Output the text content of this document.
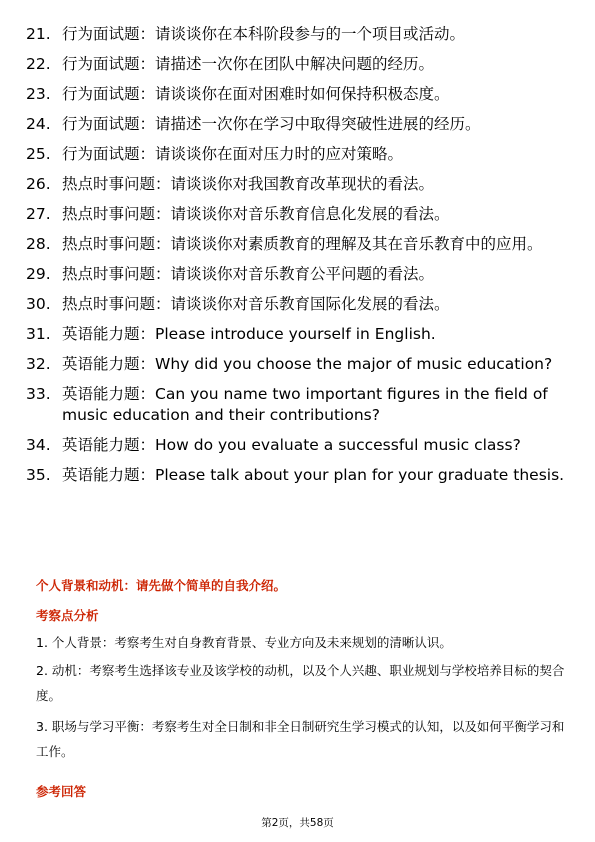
21. 行为面试题：请谈谈你在本科阶段参与的一个项目或活动。
22. 行为面试题：请描述一次你在团队中解决问题的经历。
23. 行为面试题：请谈谈你在面对困难时如何保持积极态度。
24. 行为面试题：请描述一次你在学习中取得突破性进展的经历。
25. 行为面试题：请谈谈你在面对压力时的应对策略。
26. 热点时事问题：请谈谈你对我国教育改革现状的看法。
27. 热点时事问题：请谈谈你对音乐教育信息化发展的看法。
28. 热点时事问题：请谈谈你对素质教育的理解及其在音乐教育中的应用。
29. 热点时事问题：请谈谈你对音乐教育公平问题的看法。
30. 热点时事问题：请谈谈你对音乐教育国际化发展的看法。
31. 英语能力题：Please introduce yourself in English.
32. 英语能力题：Why did you choose the major of music education?
33. 英语能力题：Can you name two important figures in the field of music education and their contributions?
34. 英语能力题：How do you evaluate a successful music class?
35. 英语能力题：Please talk about your plan for your graduate thesis.
个人背景和动机：请先做个简单的自我介绍。
考察点分析
1. 个人背景：考察考生对自身教育背景、专业方向及未来规划的清晰认识。
2. 动机：考察考生选择该专业及该学校的动机，以及个人兴趣、职业规划与学校培养目标的契合度。
3. 职场与学习平衡：考察考生对全日制和非全日制研究生学习模式的认知，以及如何平衡学习和工作。
参考回答
第2页，共58页
